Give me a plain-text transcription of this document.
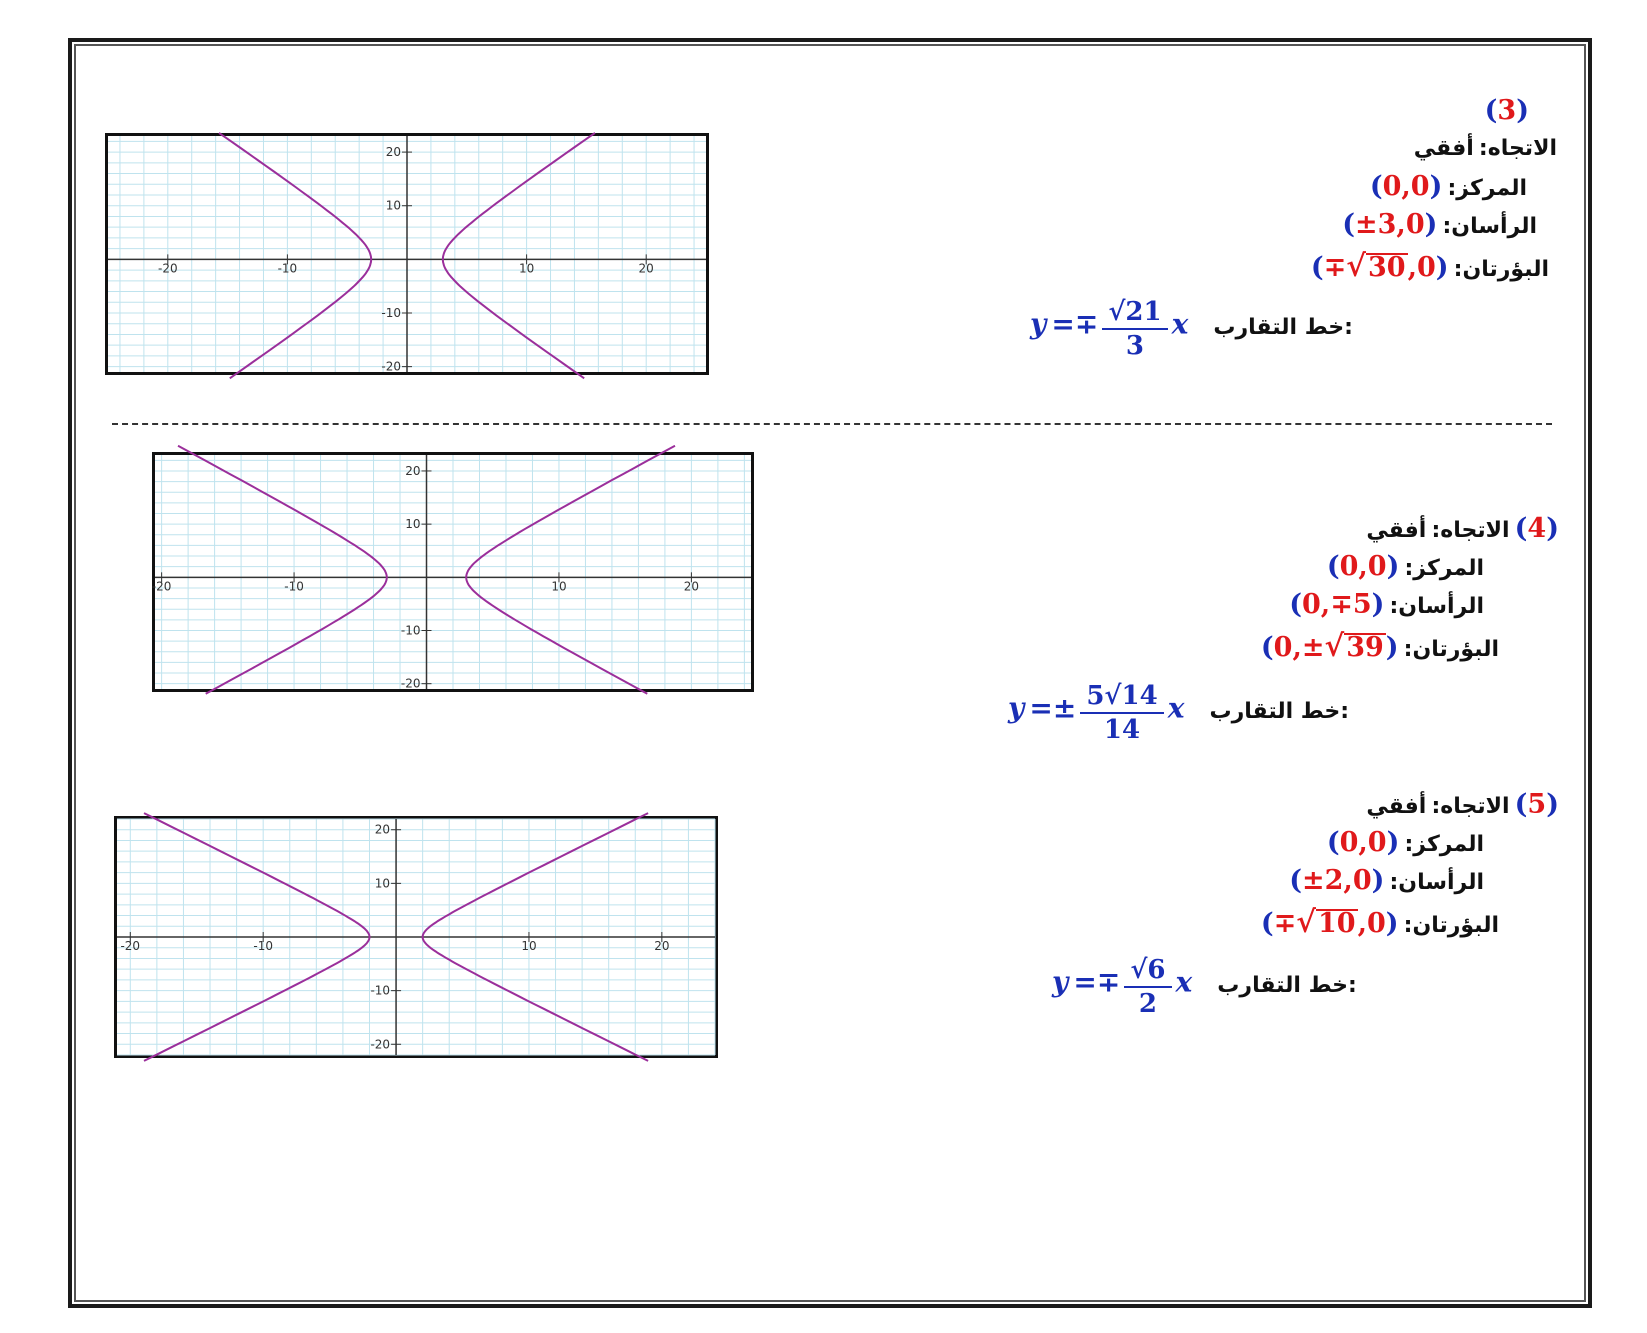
-20	-10	10	20
20
10
-10
-20
(3)
الاتجاه: أفقي
المركز: (0,0)
الرأسان: (±3,0)
البؤرتان: (∓√30,0)
$y =\mp \frac{√21}{3}$ x خط التقارب:
-20	-10	10	20
20
10
-10
-20
(4) الاتجاه: أفقي
المركز: (0,0)
الرأسان: (0,∓5)
البؤرتان: (0,±√39)
$y =\pm \frac{5√14}{14}$ x خط التقارب:
-20	-10	10	20
20
10
-10
-20
(5) الاتجاه: أفقي
المركز: (0,0)
الرأسان: (±2,0)
البؤرتان: (∓√10,0)
$y =\mp \frac{√6}{2}$ x خط التقارب:
